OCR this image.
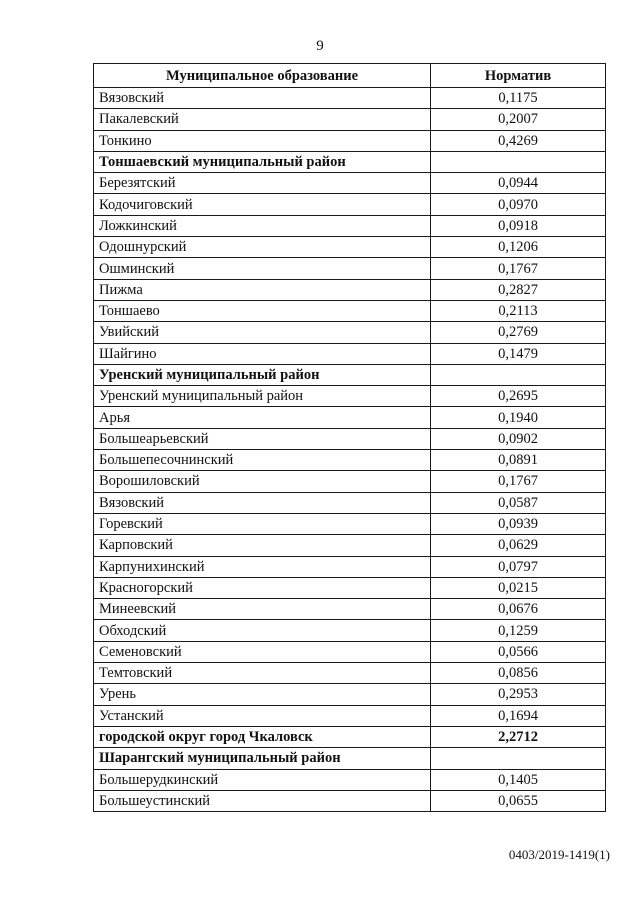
9
Муниципальное образование	Норматив
Вязовский	0,1175
Пакалевский	0,2007
Тонкино	0,4269
Тоншаевский муниципальный район	
Березятский	0,0944
Кодочиговский	0,0970
Ложкинский	0,0918
Одошнурский	0,1206
Ошминский	0,1767
Пижма	0,2827
Тоншаево	0,2113
Увийский	0,2769
Шайгино	0,1479
Уренский муниципальный район	
Уренский муниципальный район	0,2695
Арья	0,1940
Большеарьевский	0,0902
Большепесочнинский	0,0891
Ворошиловский	0,1767
Вязовский	0,0587
Горевский	0,0939
Карповский	0,0629
Карпунихинский	0,0797
Красногорский	0,0215
Минеевский	0,0676
Обходский	0,1259
Семеновский	0,0566
Темтовский	0,0856
Урень	0,2953
Устанский	0,1694
городской округ город Чкаловск	2,2712
Шарангский муниципальный район	
Большерудкинский	0,1405
Большеустинский	0,0655
0403/2019-1419(1)
